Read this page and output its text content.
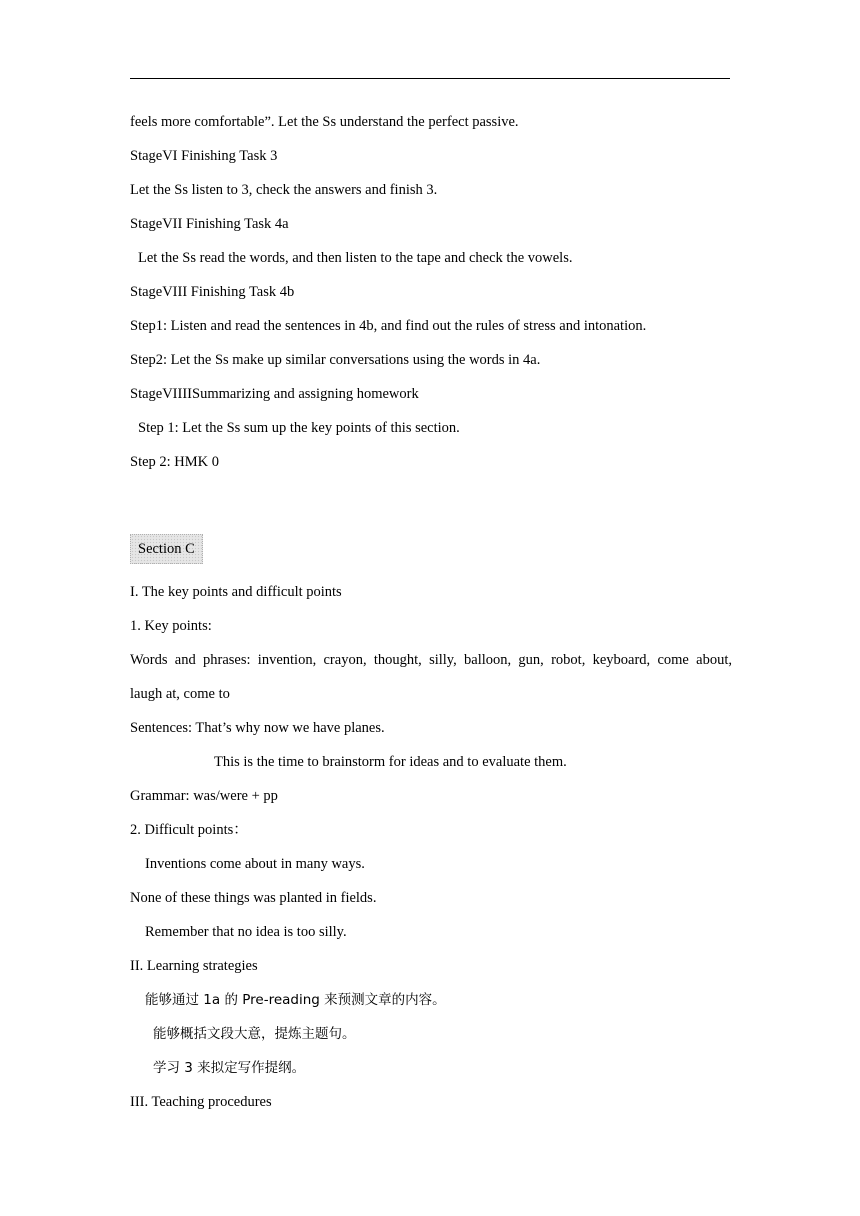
feels more comfortable”. Let the Ss understand the perfect passive.
StageVI Finishing Task 3
Let the Ss listen to 3, check the answers and finish 3.
StageVII Finishing Task 4a
Let the Ss read the words, and then listen to the tape and check the vowels.
StageVIII Finishing Task 4b
Step1: Listen and read the sentences in 4b, and find out the rules of stress and intonation.
Step2: Let the Ss make up similar conversations using the words in 4a.
StageVIIIISummarizing and assigning homework
Step 1: Let the Ss sum up the key points of this section.
Step 2: HMK 0
Section C
I. The key points and difficult points
1. Key points:
Words and phrases: invention, crayon, thought, silly, balloon, gun, robot, keyboard, come about,
laugh at, come to
Sentences: That’s why now we have planes.
This is the time to brainstorm for ideas and to evaluate them.
Grammar: was/were + pp
2. Difficult points：
Inventions come about in many ways.
None of these things was planted in fields.
Remember that no idea is too silly.
II. Learning strategies
能够通过 1a 的 Pre-reading 来预测文章的内容。
能够概括文段大意，提炼主题句。
学习 3 来拟定写作提纲。
III. Teaching procedures
